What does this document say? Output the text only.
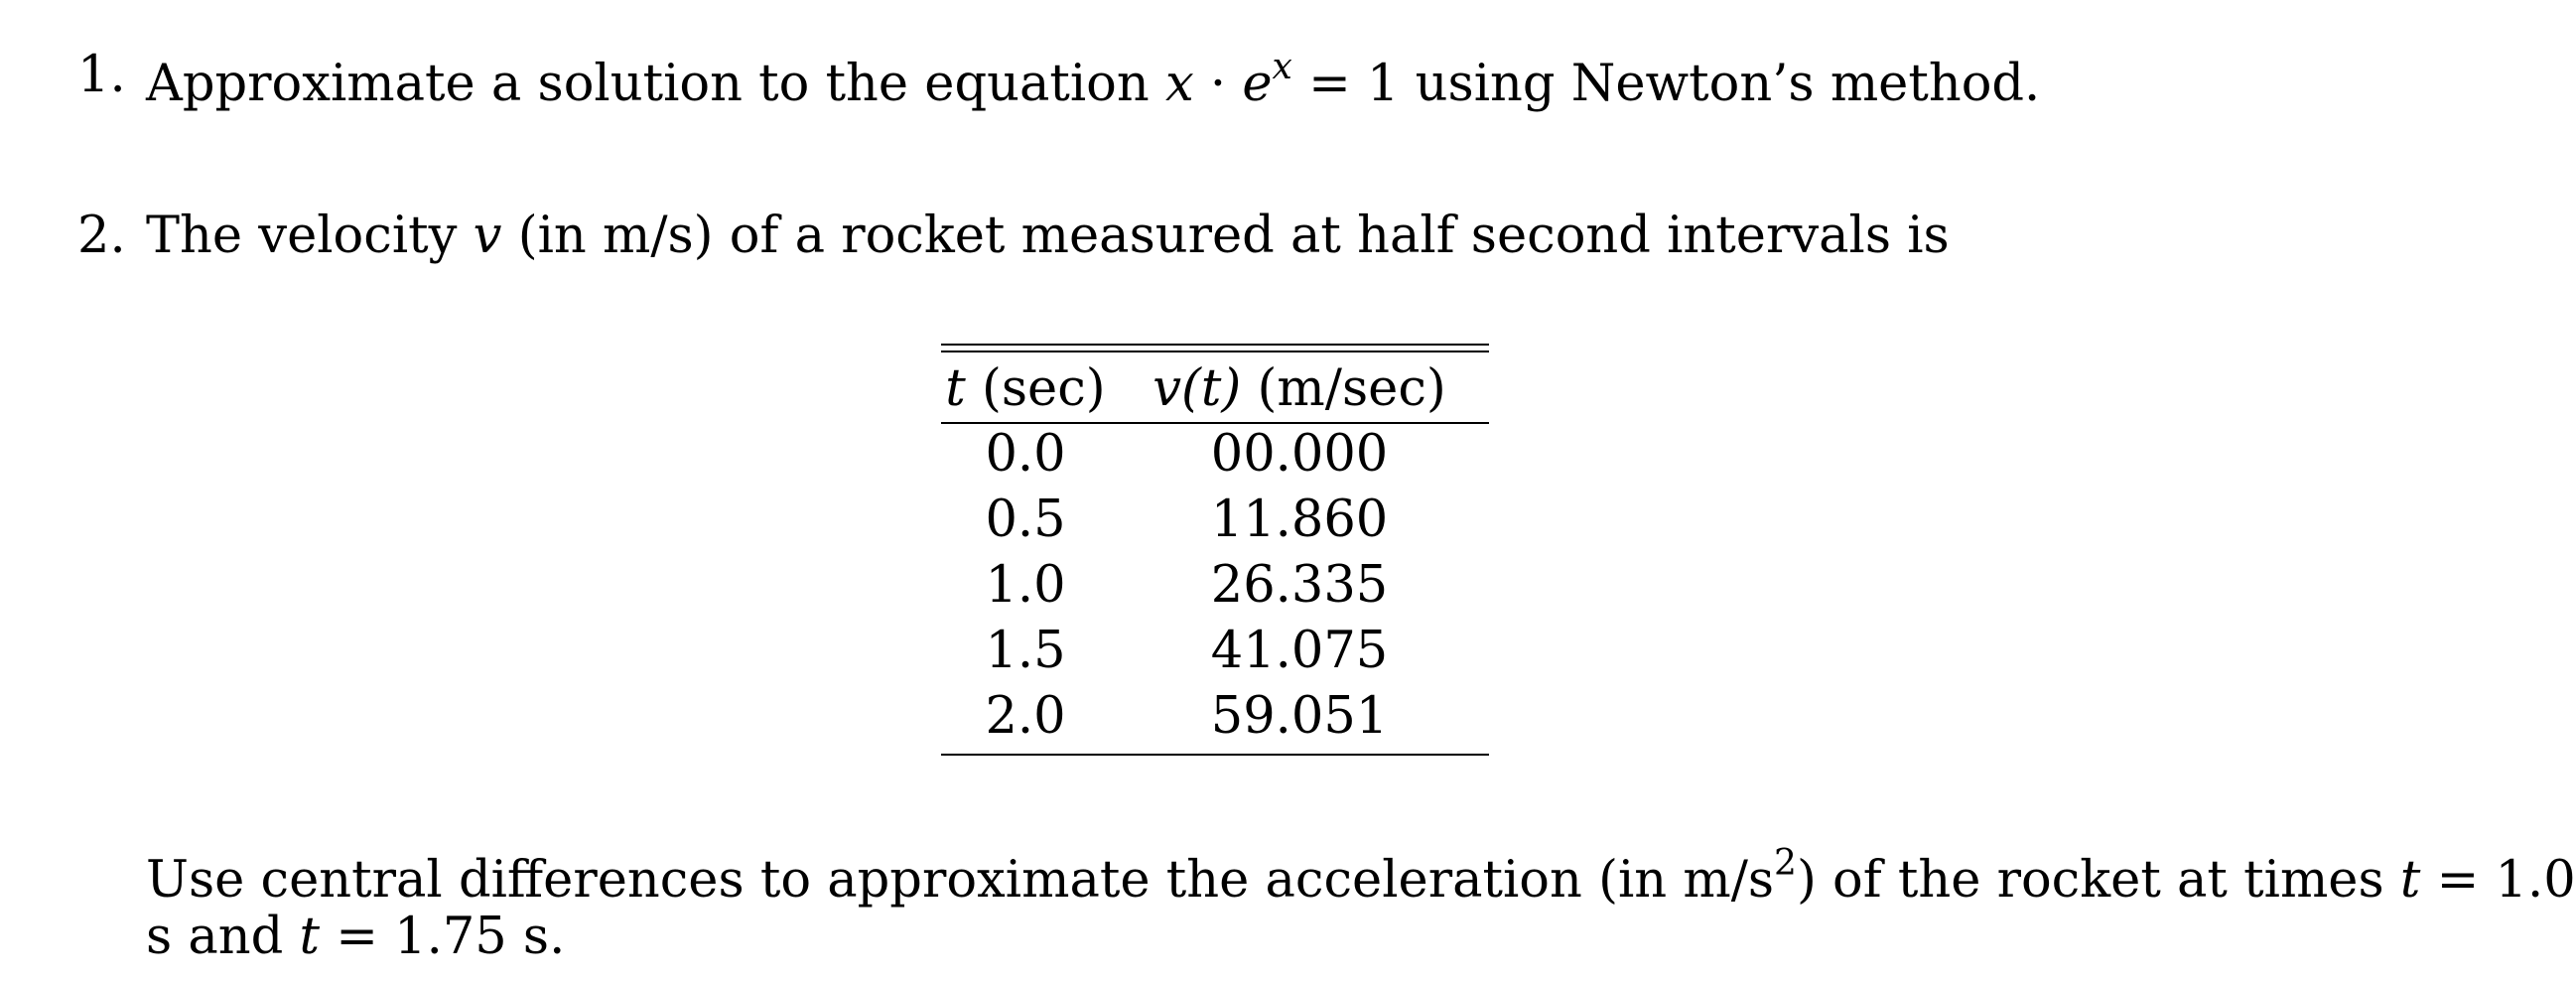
1. Approximate a solution to the equation $x \cdot e^x = 1$ using Newton’s method.
2. The velocity v (in m/s) of a rocket measured at half second intervals is
t (sec) v(t) (m/sec)
0.0	00.000
0.5	11.860
1.0	26.335
1.5	41.075
2.0	59.051
Use central differences to approximate the acceleration (in $m/s^2$) of the rocket at times t = 1.0
s and t = 1.75 s.
